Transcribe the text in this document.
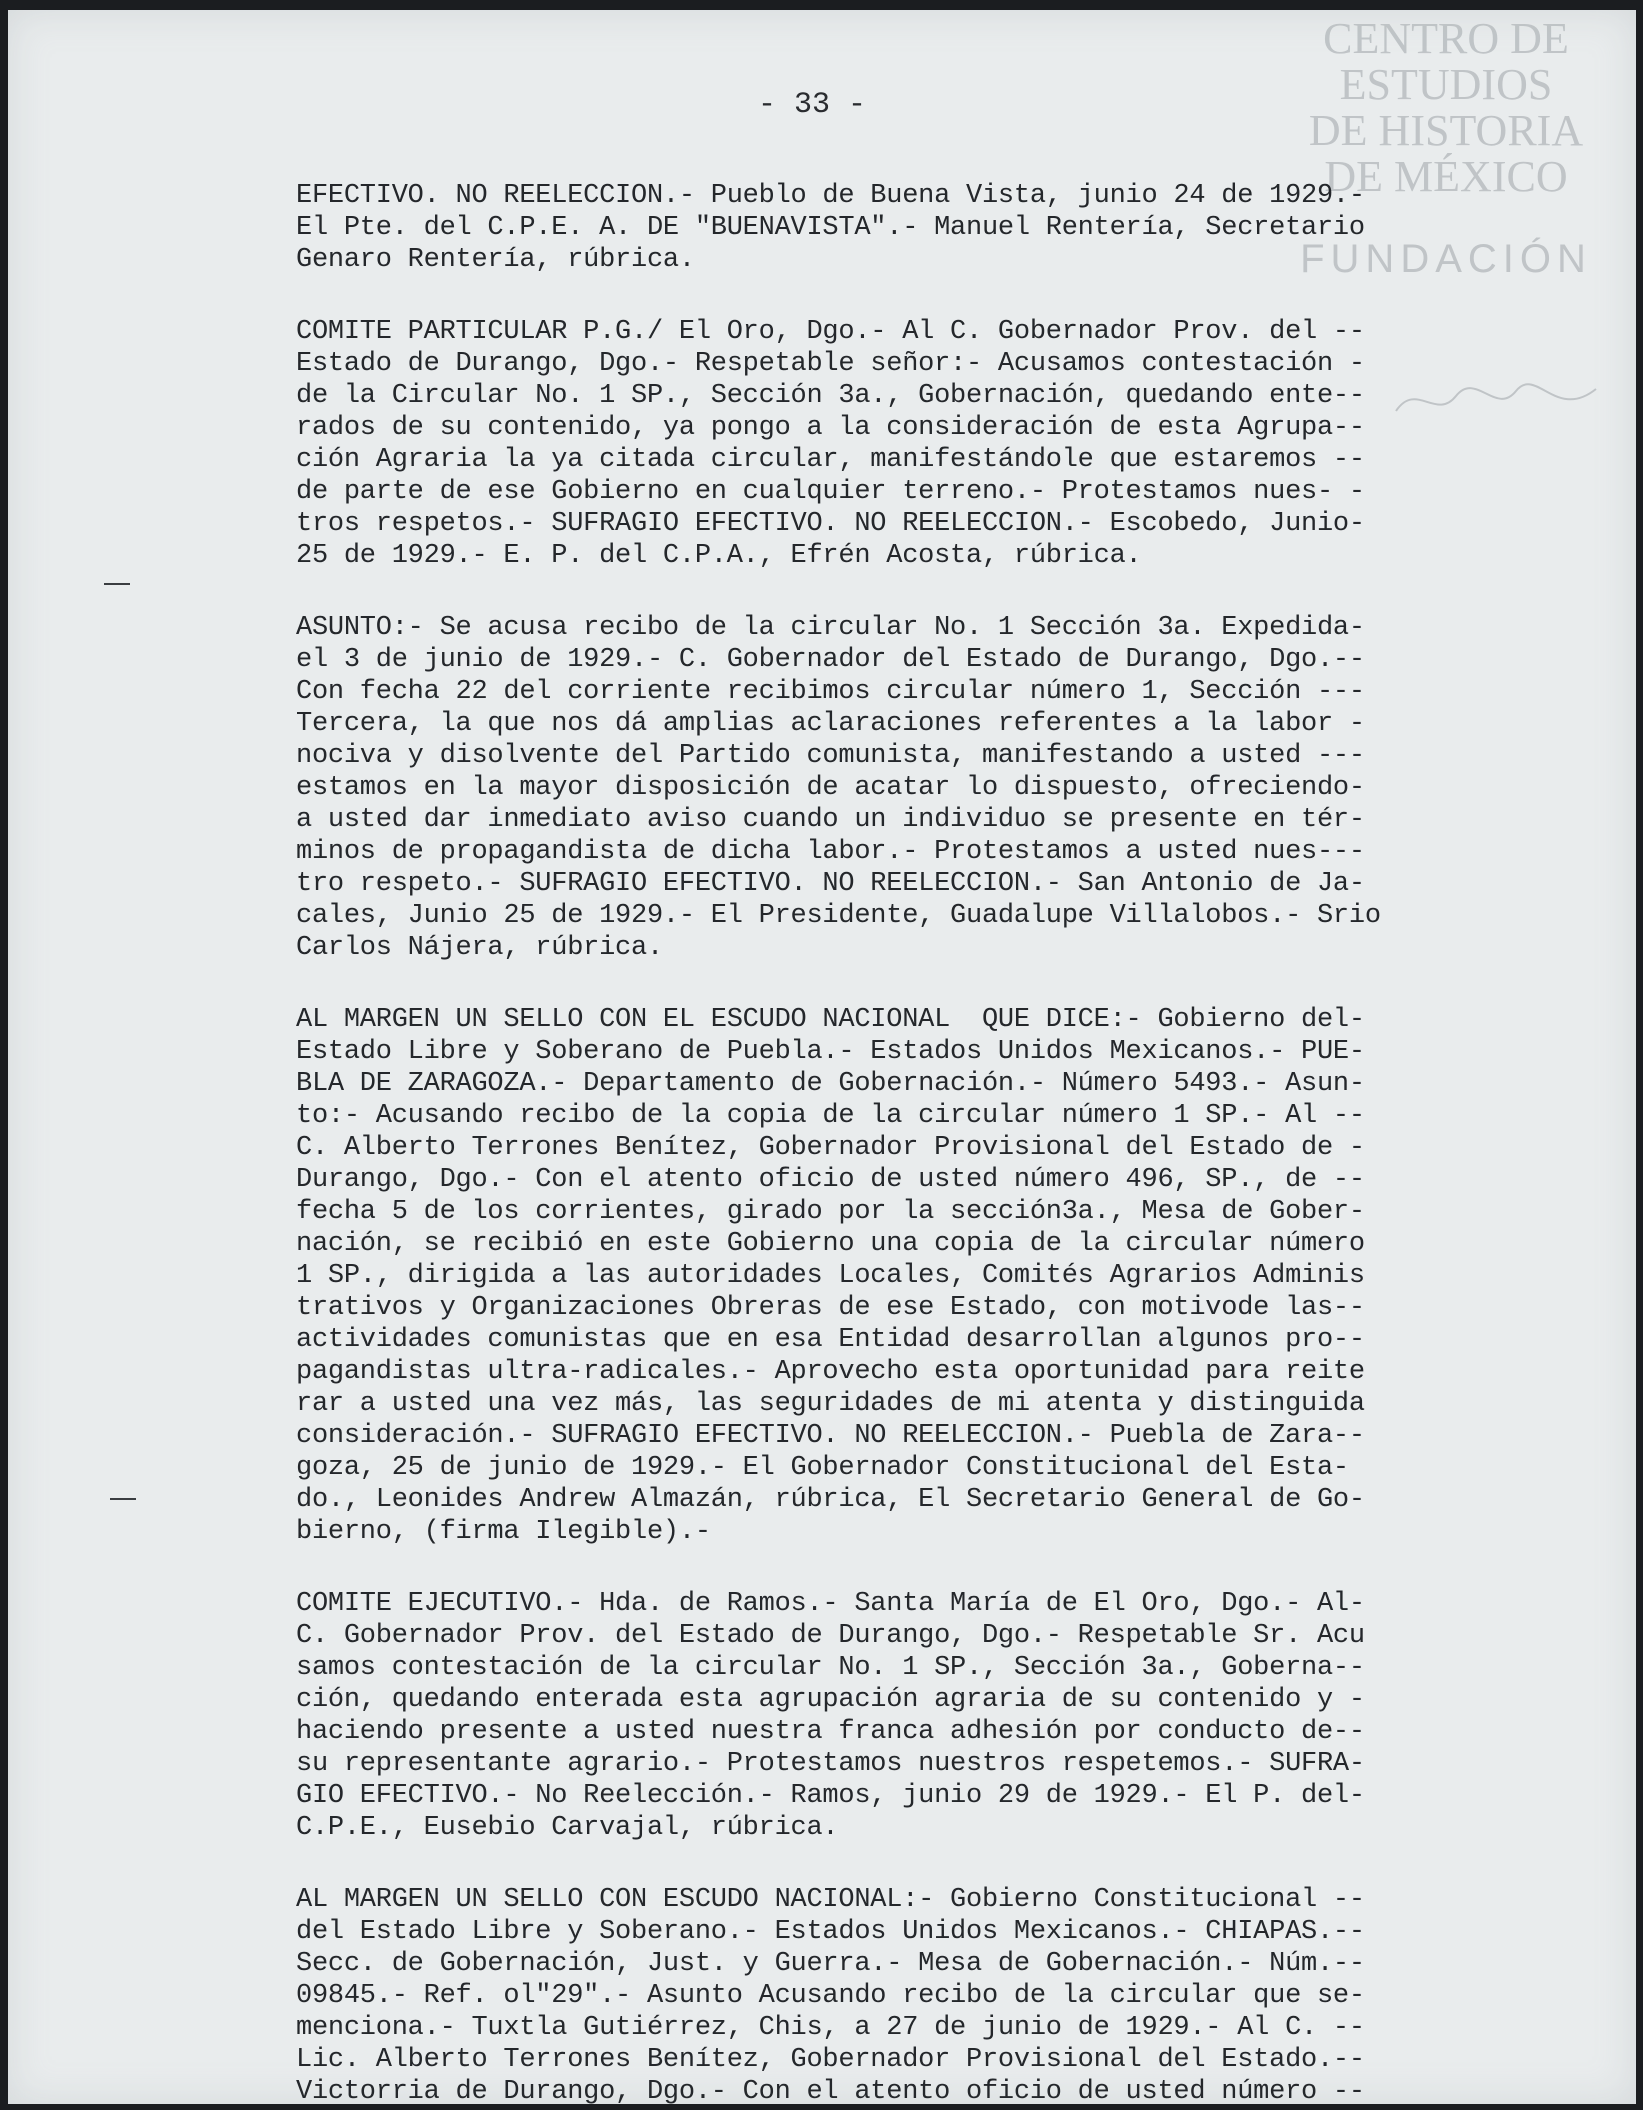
CENTRO DE
ESTUDIOS
DE HISTORIA
DE MÉXICO
FUNDACIÓN
- 33 -
EFECTIVO. NO REELECCION.- Pueblo de Buena Vista, junio 24 de 1929.-
El Pte. del C.P.E. A. DE "BUENAVISTA".- Manuel Rentería, Secretario
Genaro Rentería, rúbrica.
COMITE PARTICULAR P.G./ El Oro, Dgo.- Al C. Gobernador Prov. del --
Estado de Durango, Dgo.- Respetable señor:- Acusamos contestación -
de la Circular No. 1 SP., Sección 3a., Gobernación, quedando ente--
rados de su contenido, ya pongo a la consideración de esta Agrupa--
ción Agraria la ya citada circular, manifestándole que estaremos --
de parte de ese Gobierno en cualquier terreno.- Protestamos nues- -
tros respetos.- SUFRAGIO EFECTIVO. NO REELECCION.- Escobedo, Junio-
25 de 1929.- E. P. del C.P.A., Efrén Acosta, rúbrica.
ASUNTO:- Se acusa recibo de la circular No. 1 Sección 3a. Expedida-
el 3 de junio de 1929.- C. Gobernador del Estado de Durango, Dgo.--
Con fecha 22 del corriente recibimos circular número 1, Sección ---
Tercera, la que nos dá amplias aclaraciones referentes a la labor -
nociva y disolvente del Partido comunista, manifestando a usted ---
estamos en la mayor disposición de acatar lo dispuesto, ofreciendo-
a usted dar inmediato aviso cuando un individuo se presente en tér-
minos de propagandista de dicha labor.- Protestamos a usted nues---
tro respeto.- SUFRAGIO EFECTIVO. NO REELECCION.- San Antonio de Ja-
cales, Junio 25 de 1929.- El Presidente, Guadalupe Villalobos.- Srio
Carlos Nájera, rúbrica.
AL MARGEN UN SELLO CON EL ESCUDO NACIONAL  QUE DICE:- Gobierno del-
Estado Libre y Soberano de Puebla.- Estados Unidos Mexicanos.- PUE-
BLA DE ZARAGOZA.- Departamento de Gobernación.- Número 5493.- Asun-
to:- Acusando recibo de la copia de la circular número 1 SP.- Al --
C. Alberto Terrones Benítez, Gobernador Provisional del Estado de -
Durango, Dgo.- Con el atento oficio de usted número 496, SP., de --
fecha 5 de los corrientes, girado por la sección3a., Mesa de Gober-
nación, se recibió en este Gobierno una copia de la circular número
1 SP., dirigida a las autoridades Locales, Comités Agrarios Adminis
trativos y Organizaciones Obreras de ese Estado, con motivode las--
actividades comunistas que en esa Entidad desarrollan algunos pro--
pagandistas ultra-radicales.- Aprovecho esta oportunidad para reite
rar a usted una vez más, las seguridades de mi atenta y distinguida
consideración.- SUFRAGIO EFECTIVO. NO REELECCION.- Puebla de Zara--
goza, 25 de junio de 1929.- El Gobernador Constitucional del Esta-
do., Leonides Andrew Almazán, rúbrica, El Secretario General de Go-
bierno, (firma Ilegible).-
COMITE EJECUTIVO.- Hda. de Ramos.- Santa María de El Oro, Dgo.- Al-
C. Gobernador Prov. del Estado de Durango, Dgo.- Respetable Sr. Acu
samos contestación de la circular No. 1 SP., Sección 3a., Goberna--
ción, quedando enterada esta agrupación agraria de su contenido y -
haciendo presente a usted nuestra franca adhesión por conducto de--
su representante agrario.- Protestamos nuestros respetemos.- SUFRA-
GIO EFECTIVO.- No Reelección.- Ramos, junio 29 de 1929.- El P. del-
C.P.E., Eusebio Carvajal, rúbrica.
AL MARGEN UN SELLO CON ESCUDO NACIONAL:- Gobierno Constitucional --
del Estado Libre y Soberano.- Estados Unidos Mexicanos.- CHIAPAS.--
Secc. de Gobernación, Just. y Guerra.- Mesa de Gobernación.- Núm.--
09845.- Ref. ol"29".- Asunto Acusando recibo de la circular que se-
menciona.- Tuxtla Gutiérrez, Chis, a 27 de junio de 1929.- Al C. --
Lic. Alberto Terrones Benítez, Gobernador Provisional del Estado.--
Victorria de Durango, Dgo.- Con el atento oficio de usted número --
